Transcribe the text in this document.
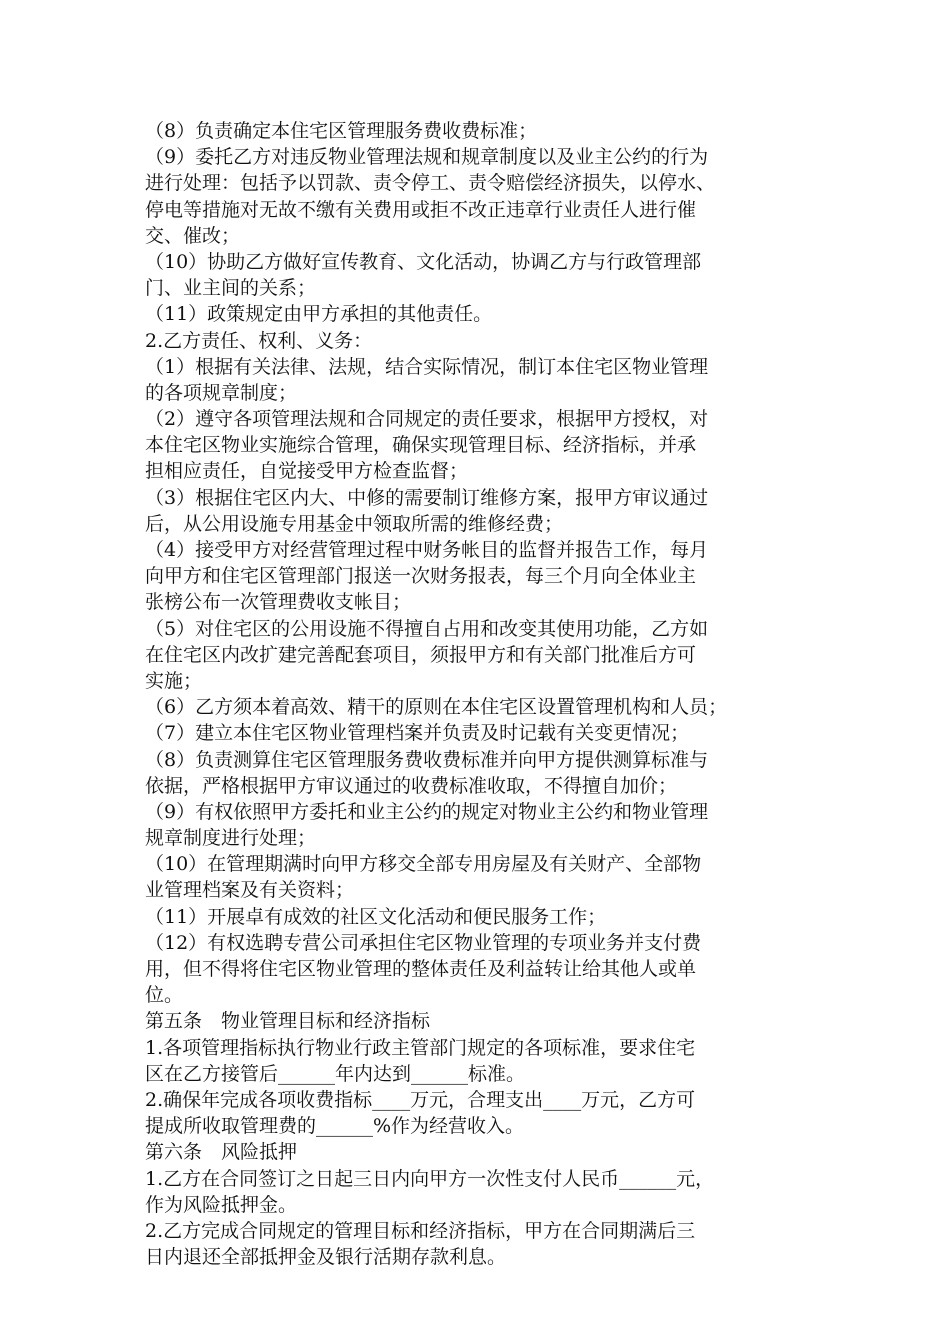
（8）负责确定本住宅区管理服务费收费标准；
（9）委托乙方对违反物业管理法规和规章制度以及业主公约的行为
进行处理：包括予以罚款、责令停工、责令赔偿经济损失，以停水、
停电等措施对无故不缴有关费用或拒不改正违章行业责任人进行催
交、催改；
（10）协助乙方做好宣传教育、文化活动，协调乙方与行政管理部
门、业主间的关系；
（11）政策规定由甲方承担的其他责任。
2.乙方责任、权利、义务：
（1）根据有关法律、法规，结合实际情况，制订本住宅区物业管理
的各项规章制度；
（2）遵守各项管理法规和合同规定的责任要求，根据甲方授权，对
本住宅区物业实施综合管理，确保实现管理目标、经济指标，并承
担相应责任，自觉接受甲方检查监督；
（3）根据住宅区内大、中修的需要制订维修方案，报甲方审议通过
后，从公用设施专用基金中领取所需的维修经费；
（4）接受甲方对经营管理过程中财务帐目的监督并报告工作，每月
向甲方和住宅区管理部门报送一次财务报表，每三个月向全体业主
张榜公布一次管理费收支帐目；
（5）对住宅区的公用设施不得擅自占用和改变其使用功能，乙方如
在住宅区内改扩建完善配套项目，须报甲方和有关部门批准后方可
实施；
（6）乙方须本着高效、精干的原则在本住宅区设置管理机构和人员；
（7）建立本住宅区物业管理档案并负责及时记载有关变更情况；
（8）负责测算住宅区管理服务费收费标准并向甲方提供测算标准与
依据，严格根据甲方审议通过的收费标准收取，不得擅自加价；
（9）有权依照甲方委托和业主公约的规定对物业主公约和物业管理
规章制度进行处理；
（10）在管理期满时向甲方移交全部专用房屋及有关财产、全部物
业管理档案及有关资料；
（11）开展卓有成效的社区文化活动和便民服务工作；
（12）有权选聘专营公司承担住宅区物业管理的专项业务并支付费
用，但不得将住宅区物业管理的整体责任及利益转让给其他人或单
位。
第五条　物业管理目标和经济指标
1.各项管理指标执行物业行政主管部门规定的各项标准，要求住宅
区在乙方接管后______年内达到______标准。
2.确保年完成各项收费指标____万元，合理支出____万元，乙方可
提成所收取管理费的______%作为经营收入。
第六条　风险抵押
1.乙方在合同签订之日起三日内向甲方一次性支付人民币______元，
作为风险抵押金。
2.乙方完成合同规定的管理目标和经济指标，甲方在合同期满后三
日内退还全部抵押金及银行活期存款利息。
